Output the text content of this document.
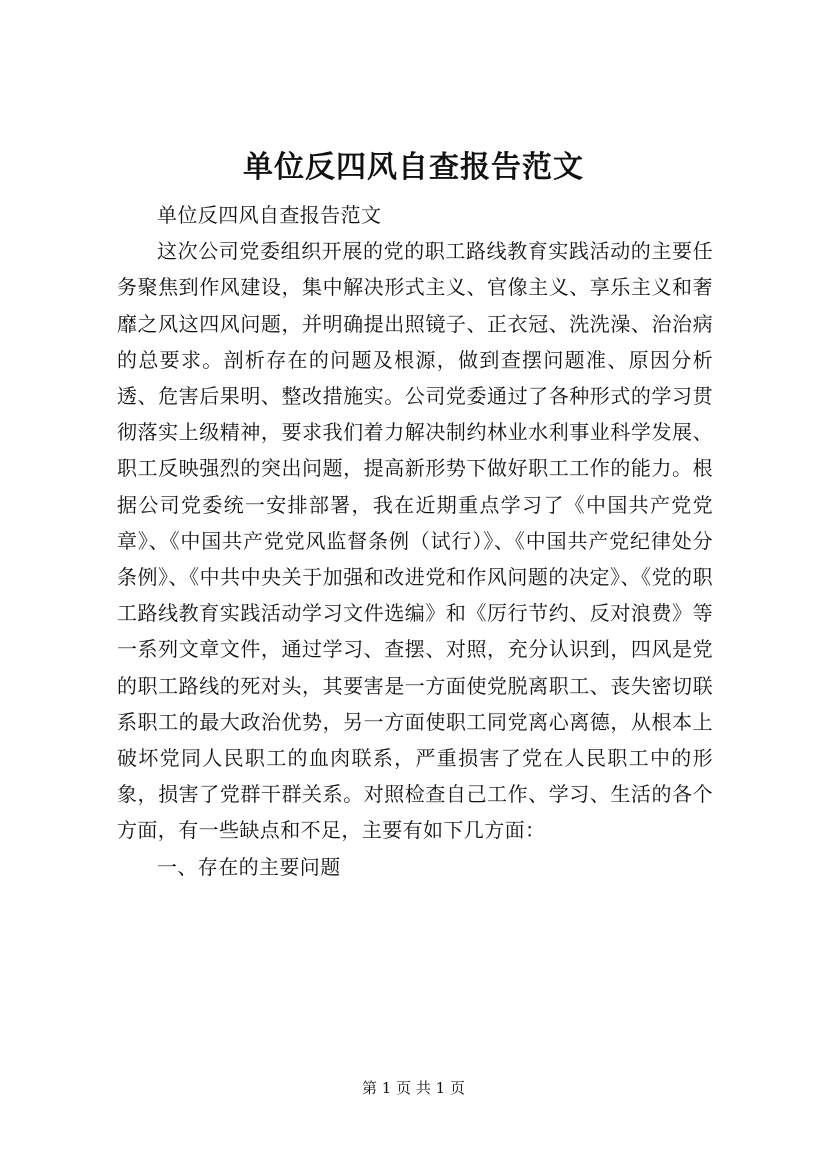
单位反四风自查报告范文

单位反四风自查报告范文

这次公司党委组织开展的党的职工路线教育实践活动的主要任务聚焦到作风建设，集中解决形式主义、官像主义、享乐主义和奢靡之风这四风问题，并明确提出照镜子、正衣冠、洗洗澡、治治病的总要求。剖析存在的问题及根源，做到查摆问题准、原因分析透、危害后果明、整改措施实。公司党委通过了各种形式的学习贯彻落实上级精神，要求我们着力解决制约林业水利事业科学发展、职工反映强烈的突出问题，提高新形势下做好职工工作的能力。根据公司党委统一安排部署，我在近期重点学习了《中国共产党党章》、《中国共产党党风监督条例（试行）》、《中国共产党纪律处分条例》、《中共中央关于加强和改进党和作风问题的决定》、《党的职工路线教育实践活动学习文件选编》和《厉行节约、反对浪费》等一系列文章文件，通过学习、查摆、对照，充分认识到，四风是党的职工路线的死对头，其要害是一方面使党脱离职工、丧失密切联系职工的最大政治优势，另一方面使职工同党离心离德，从根本上破坏党同人民职工的血肉联系，严重损害了党在人民职工中的形象，损害了党群干群关系。对照检查自己工作、学习、生活的各个方面，有一些缺点和不足，主要有如下几方面：

一、存在的主要问题

第 1 页 共 1 页
